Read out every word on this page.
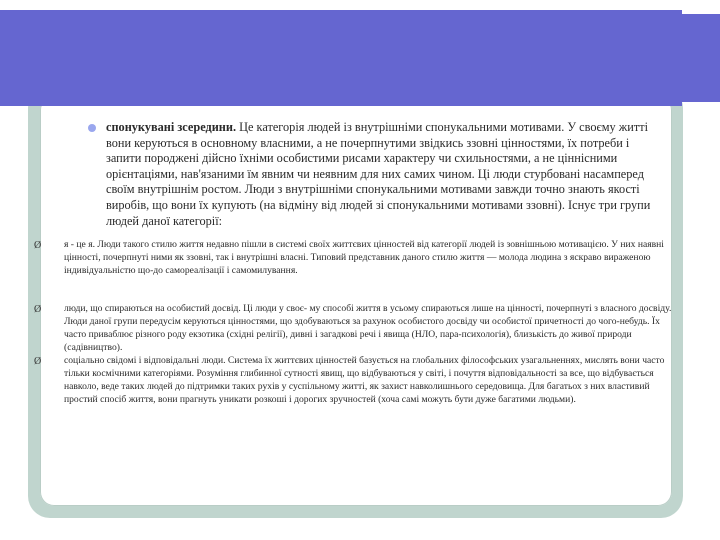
спонукувані зсередини. Це категорія людей із внутрішніми спонукальними мотивами. У своєму житті вони керуються в основному власними, а не почерпнутими звідкись ззовні цінностями, їх потреби і запити породжені дійсно їхніми особистими рисами характеру чи схильностями, а не ціннісними орієнтаціями, нав'язаними їм явним чи неявним для них самих чином. Ці люди стурбовані насамперед своїм внутрішнім ростом. Люди з внутрішніми спонукальними мотивами завжди точно знають якості виробів, що вони їх купують (на відміну від людей зі спонукальними мотивами ззовні). Існує три групи людей даної категорії:
Ø я - це я. Люди такого стилю життя недавно пішли в системі своїх життєвих цінностей від категорії людей із зовнішньою мотивацією. У них наявні цінності, почерпнуті ними як ззовні, так і внутрішні власні. Типовий представник даного стилю життя — молода людина з яскраво вираженою індивідуальністю що-до самореалізації і самомилування.
Ø люди, що спираються на особистий досвід. Ці люди у своє- му способі життя в усьому спираються лише на цінності, почерпнуті з власного досвіду. Люди даної групи передусім керуються цінностями, що здобуваються за рахунок особистого досвіду чи особистої причетності до чого-небудь. Їх часто приваблює різного роду екзотика (східні релігії), дивні і загадкові речі і явища (НЛО, пара-психологія), близькість до живої природи (садівництво).
Ø соціально свідомі і відповідальні люди. Система їх життєвих цінностей базується на глобальних філософських узагальненнях, мислять вони часто тільки космічними категоріями. Розуміння глибинної сутності явищ, що відбуваються у світі, і почуття відповідальності за все, що відбувається навколо, веде таких людей до підтримки таких рухів у суспільному житті, як захист навколишнього середовища. Для багатьох з них властивий простий спосіб життя, вони прагнуть уникати розкоші і дорогих зручностей (хоча самі можуть бути дуже багатими людьми).
